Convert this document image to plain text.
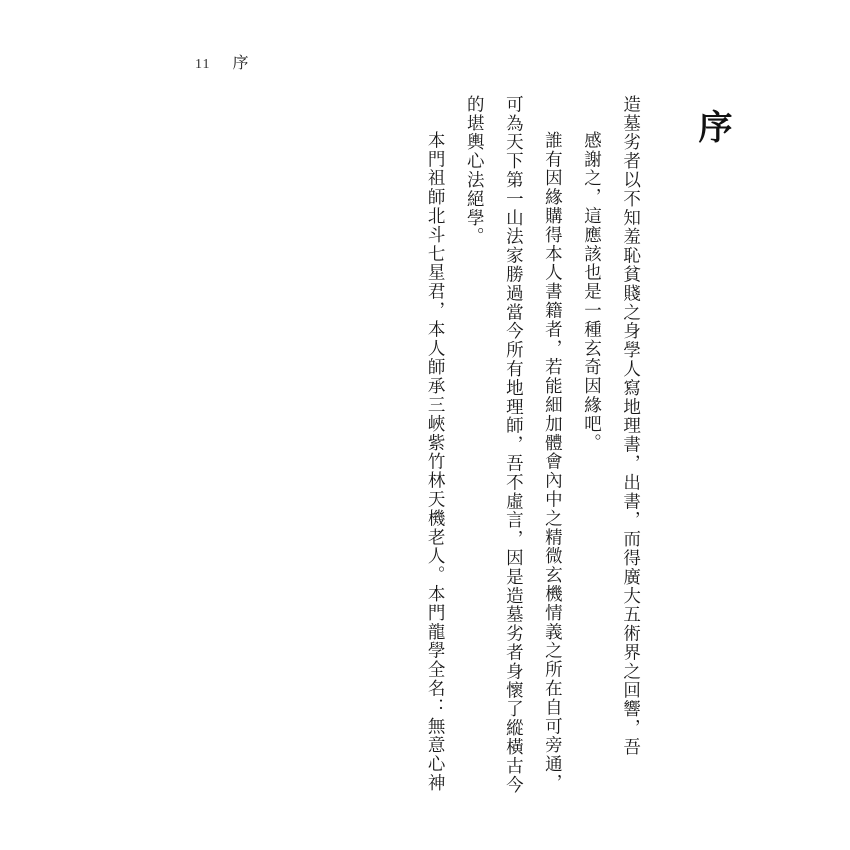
11 序
序
造墓劣者以不知羞恥貧賤之身學人寫地理書，出書，而得廣大五術界之回響，吾
感謝之，這應該也是一種玄奇因緣吧。
誰有因緣購得本人書籍者，若能細加體會內中之精微玄機情義之所在自可旁通，
可為天下第一山法家勝過當今所有地理師，吾不虛言，因是造墓劣者身懷了縱橫古今
的堪輿心法絕學。
本門祖師北斗七星君，本人師承三峽紫竹林天機老人。本門龍學全名：無意心神
